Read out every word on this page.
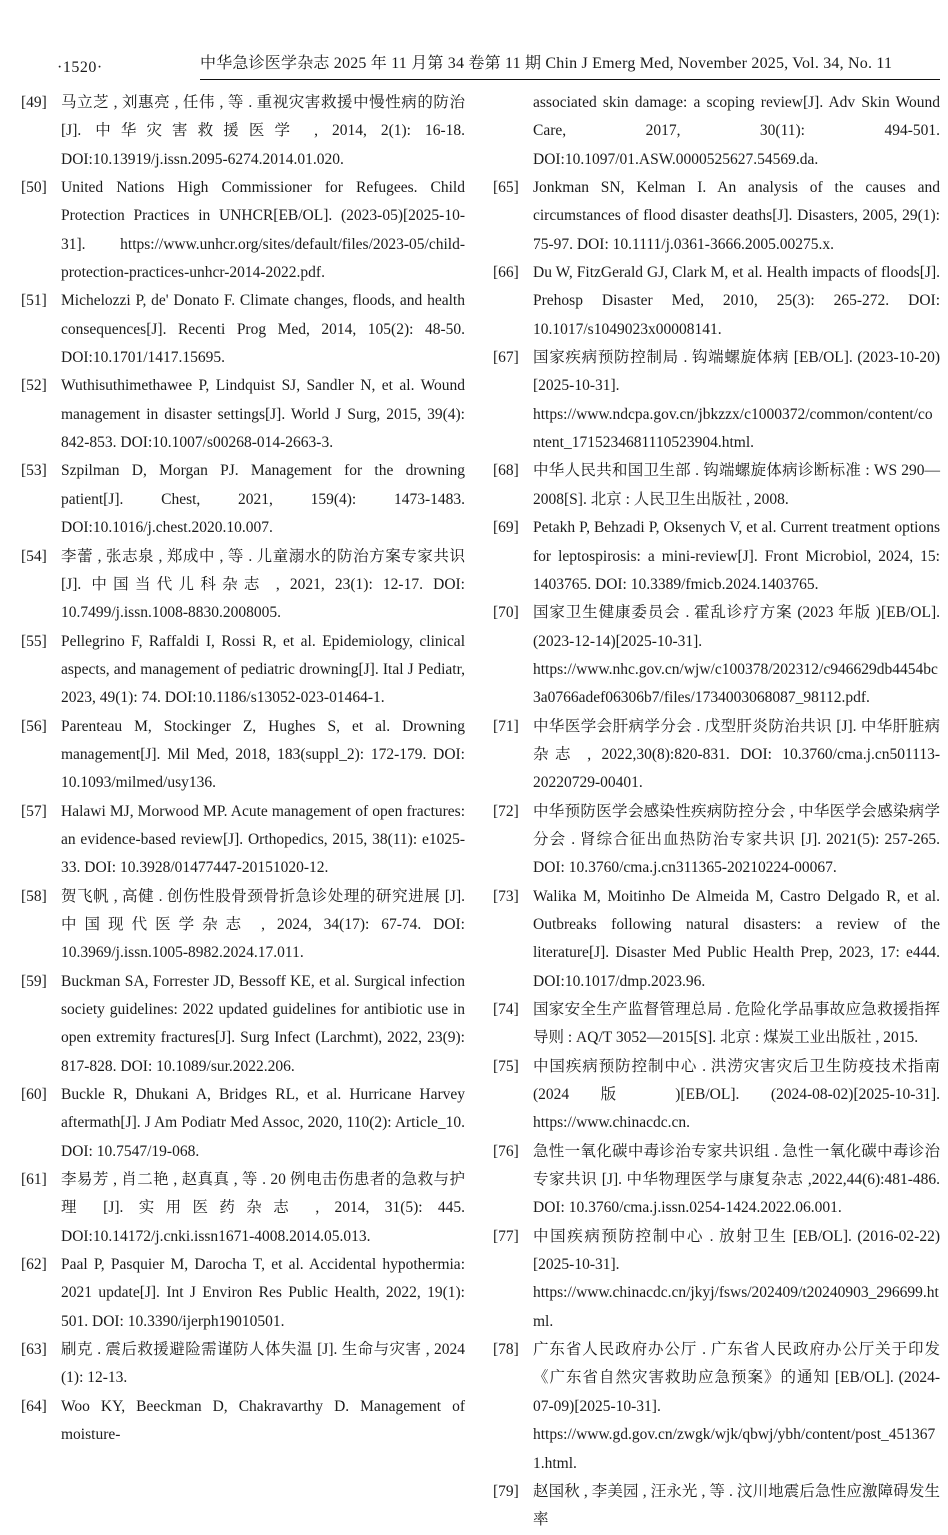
·1520·	中华急诊医学杂志 2025 年 11 月第 34 卷第 11 期 Chin J Emerg Med, November 2025, Vol. 34, No. 11
[49] 马立芝 , 刘惠亮 , 任伟 , 等 . 重视灾害救援中慢性病的防治 [J]. 中华灾害救援医学 , 2014, 2(1): 16-18. DOI:10.13919/j.issn.2095-6274.2014.01.020.
[50] United Nations High Commissioner for Refugees. Child Protection Practices in UNHCR[EB/OL]. (2023-05)[2025-10-31]. https://www.unhcr.org/sites/default/files/2023-05/child-protection-practices-unhcr-2014-2022.pdf.
[51] Michelozzi P, de' Donato F. Climate changes, floods, and health consequences[J]. Recenti Prog Med, 2014, 105(2): 48-50. DOI:10.1701/1417.15695.
[52] Wuthisuthimethawee P, Lindquist SJ, Sandler N, et al. Wound management in disaster settings[J]. World J Surg, 2015, 39(4): 842-853. DOI:10.1007/s00268-014-2663-3.
[53] Szpilman D, Morgan PJ. Management for the drowning patient[J]. Chest, 2021, 159(4): 1473-1483. DOI:10.1016/j.chest.2020.10.007.
[54] 李蕾 , 张志泉 , 郑成中 , 等 . 儿童溺水的防治方案专家共识 [J]. 中国当代儿科杂志 , 2021, 23(1): 12-17. DOI: 10.7499/j.issn.1008-8830.2008005.
[55] Pellegrino F, Raffaldi I, Rossi R, et al. Epidemiology, clinical aspects, and management of pediatric drowning[J]. Ital J Pediatr, 2023, 49(1): 74. DOI:10.1186/s13052-023-01464-1.
[56] Parenteau M, Stockinger Z, Hughes S, et al. Drowning management[J]. Mil Med, 2018, 183(suppl_2): 172-179. DOI: 10.1093/milmed/usy136.
[57] Halawi MJ, Morwood MP. Acute management of open fractures: an evidence-based review[J]. Orthopedics, 2015, 38(11): e1025-33. DOI: 10.3928/01477447-20151020-12.
[58] 贺飞帆 , 高健 . 创伤性股骨颈骨折急诊处理的研究进展 [J]. 中国现代医学杂志 , 2024, 34(17): 67-74. DOI: 10.3969/j.issn.1005-8982.2024.17.011.
[59] Buckman SA, Forrester JD, Bessoff KE, et al. Surgical infection society guidelines: 2022 updated guidelines for antibiotic use in open extremity fractures[J]. Surg Infect (Larchmt), 2022, 23(9): 817-828. DOI: 10.1089/sur.2022.206.
[60] Buckle R, Dhukani A, Bridges RL, et al. Hurricane Harvey aftermath[J]. J Am Podiatr Med Assoc, 2020, 110(2): Article_10. DOI: 10.7547/19-068.
[61] 李易芳 , 肖二艳 , 赵真真 , 等 . 20 例电击伤患者的急救与护理 [J]. 实用医药杂志 , 2014, 31(5): 445. DOI:10.14172/j.cnki.issn1671-4008.2014.05.013.
[62] Paal P, Pasquier M, Darocha T, et al. Accidental hypothermia: 2021 update[J]. Int J Environ Res Public Health, 2022, 19(1): 501. DOI: 10.3390/ijerph19010501.
[63] 刷克 . 震后救援避险需谨防人体失温 [J]. 生命与灾害 , 2024 (1): 12-13.
[64] Woo KY, Beeckman D, Chakravarthy D. Management of moisture-
associated skin damage: a scoping review[J]. Adv Skin Wound Care, 2017, 30(11): 494-501. DOI:10.1097/01.ASW.0000525627.54569.da.
[65] Jonkman SN, Kelman I. An analysis of the causes and circumstances of flood disaster deaths[J]. Disasters, 2005, 29(1): 75-97. DOI: 10.1111/j.0361-3666.2005.00275.x.
[66] Du W, FitzGerald GJ, Clark M, et al. Health impacts of floods[J]. Prehosp Disaster Med, 2010, 25(3): 265-272. DOI: 10.1017/s1049023x00008141.
[67] 国家疾病预防控制局 . 钩端螺旋体病 [EB/OL]. (2023-10-20)[2025-10-31]. https://www.ndcpa.gov.cn/jbkzzx/c1000372/common/content/content_1715234681110523904.html.
[68] 中华人民共和国卫生部 . 钩端螺旋体病诊断标准 : WS 290—2008[S]. 北京 : 人民卫生出版社 , 2008.
[69] Petakh P, Behzadi P, Oksenych V, et al. Current treatment options for leptospirosis: a mini-review[J]. Front Microbiol, 2024, 15: 1403765. DOI: 10.3389/fmicb.2024.1403765.
[70] 国家卫生健康委员会 . 霍乱诊疗方案 (2023 年版 )[EB/OL]. (2023-12-14)[2025-10-31]. https://www.nhc.gov.cn/wjw/c100378/202312/c946629db4454bc3a0766adef06306b7/files/1734003068087_98112.pdf.
[71] 中华医学会肝病学分会 . 戊型肝炎防治共识 [J]. 中华肝脏病杂志 , 2022,30(8):820-831. DOI: 10.3760/cma.j.cn501113-20220729-00401.
[72] 中华预防医学会感染性疾病防控分会 , 中华医学会感染病学分会 . 肾综合征出血热防治专家共识 [J]. 2021(5): 257-265. DOI: 10.3760/cma.j.cn311365-20210224-00067.
[73] Walika M, Moitinho De Almeida M, Castro Delgado R, et al. Outbreaks following natural disasters: a review of the literature[J]. Disaster Med Public Health Prep, 2023, 17: e444. DOI:10.1017/dmp.2023.96.
[74] 国家安全生产监督管理总局 . 危险化学品事故应急救援指挥导则 : AQ/T 3052—2015[S]. 北京 : 煤炭工业出版社 , 2015.
[75] 中国疾病预防控制中心 . 洪涝灾害灾后卫生防疫技术指南 (2024 版 )[EB/OL]. (2024-08-02)[2025-10-31]. https://www.chinacdc.cn.
[76] 急性一氧化碳中毒诊治专家共识组 . 急性一氧化碳中毒诊治专家共识 [J]. 中华物理医学与康复杂志 ,2022,44(6):481-486. DOI: 10.3760/cma.j.issn.0254-1424.2022.06.001.
[77] 中国疾病预防控制中心 . 放射卫生 [EB/OL]. (2016-02-22) [2025-10-31]. https://www.chinacdc.cn/jkyj/fsws/202409/t20240903_296699.html.
[78] 广东省人民政府办公厅 . 广东省人民政府办公厅关于印发《广东省自然灾害救助应急预案》的通知 [EB/OL]. (2024-07-09)[2025-10-31]. https://www.gd.gov.cn/zwgk/wjk/qbwj/ybh/content/post_4513671.html.
[79] 赵国秋 , 李美园 , 汪永光 , 等 . 汶川地震后急性应激障碍发生率
